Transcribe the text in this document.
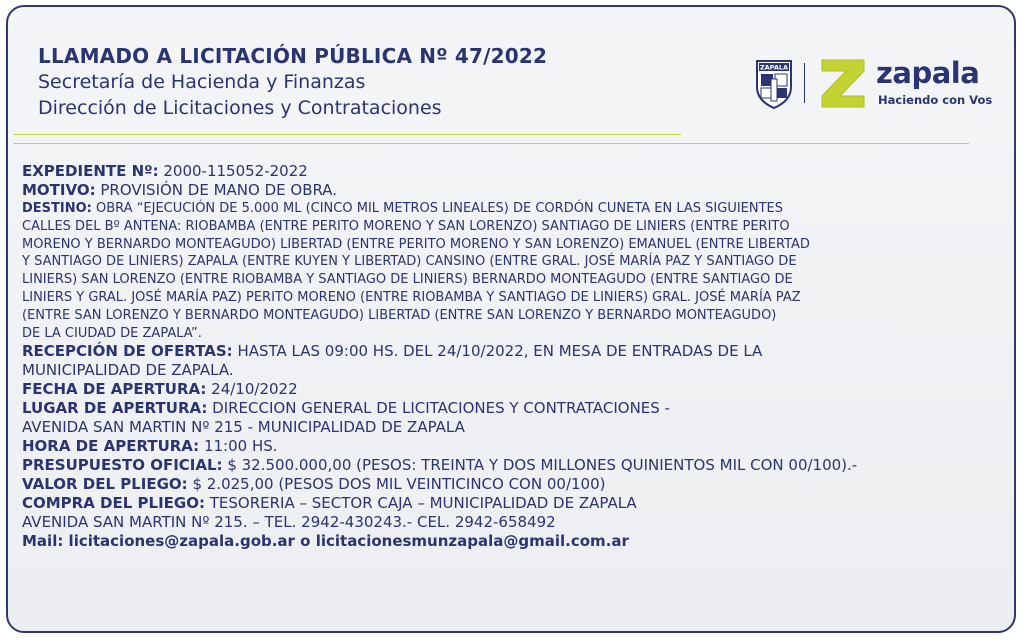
LLAMADO A LICITACIÓN PÚBLICA Nº 47/2022
Secretaría de Hacienda y Finanzas
Dirección de Licitaciones y Contrataciones
ZAPALA	zapala
Haciendo con Vos
EXPEDIENTE Nº: 2000-115052-2022
MOTIVO: PROVISIÓN DE MANO DE OBRA.
DESTINO: OBRA “EJECUCIÓN DE 5.000 ML (CINCO MIL METROS LINEALES) DE CORDÓN CUNETA EN LAS SIGUIENTES
CALLES DEL Bº ANTENA: RIOBAMBA (ENTRE PERITO MORENO Y SAN LORENZO) SANTIAGO DE LINIERS (ENTRE PERITO
MORENO Y BERNARDO MONTEAGUDO) LIBERTAD (ENTRE PERITO MORENO Y SAN LORENZO) EMANUEL (ENTRE LIBERTAD
Y SANTIAGO DE LINIERS) ZAPALA (ENTRE KUYEN Y LIBERTAD) CANSINO (ENTRE GRAL. JOSÉ MARÍA PAZ Y SANTIAGO DE
LINIERS) SAN LORENZO (ENTRE RIOBAMBA Y SANTIAGO DE LINIERS) BERNARDO MONTEAGUDO (ENTRE SANTIAGO DE
LINIERS Y GRAL. JOSÉ MARÍA PAZ) PERITO MORENO (ENTRE RIOBAMBA Y SANTIAGO DE LINIERS) GRAL. JOSÉ MARÍA PAZ
(ENTRE SAN LORENZO Y BERNARDO MONTEAGUDO) LIBERTAD (ENTRE SAN LORENZO Y BERNARDO MONTEAGUDO)
DE LA CIUDAD DE ZAPALA”.
RECEPCIÓN DE OFERTAS: HASTA LAS 09:00 HS. DEL 24/10/2022, EN MESA DE ENTRADAS DE LA
MUNICIPALIDAD DE ZAPALA.
FECHA DE APERTURA: 24/10/2022
LUGAR DE APERTURA: DIRECCION GENERAL DE LICITACIONES Y CONTRATACIONES -
AVENIDA SAN MARTIN Nº 215 - MUNICIPALIDAD DE ZAPALA
HORA DE APERTURA: 11:00 HS.
PRESUPUESTO OFICIAL: $ 32.500.000,00 (PESOS: TREINTA Y DOS MILLONES QUINIENTOS MIL CON 00/100).-
VALOR DEL PLIEGO: $ 2.025,00 (PESOS DOS MIL VEINTICINCO CON 00/100)
COMPRA DEL PLIEGO: TESORERIA – SECTOR CAJA – MUNICIPALIDAD DE ZAPALA
AVENIDA SAN MARTIN Nº 215. – TEL. 2942-430243.- CEL. 2942-658492
Mail: licitaciones@zapala.gob.ar o licitacionesmunzapala@gmail.com.ar
